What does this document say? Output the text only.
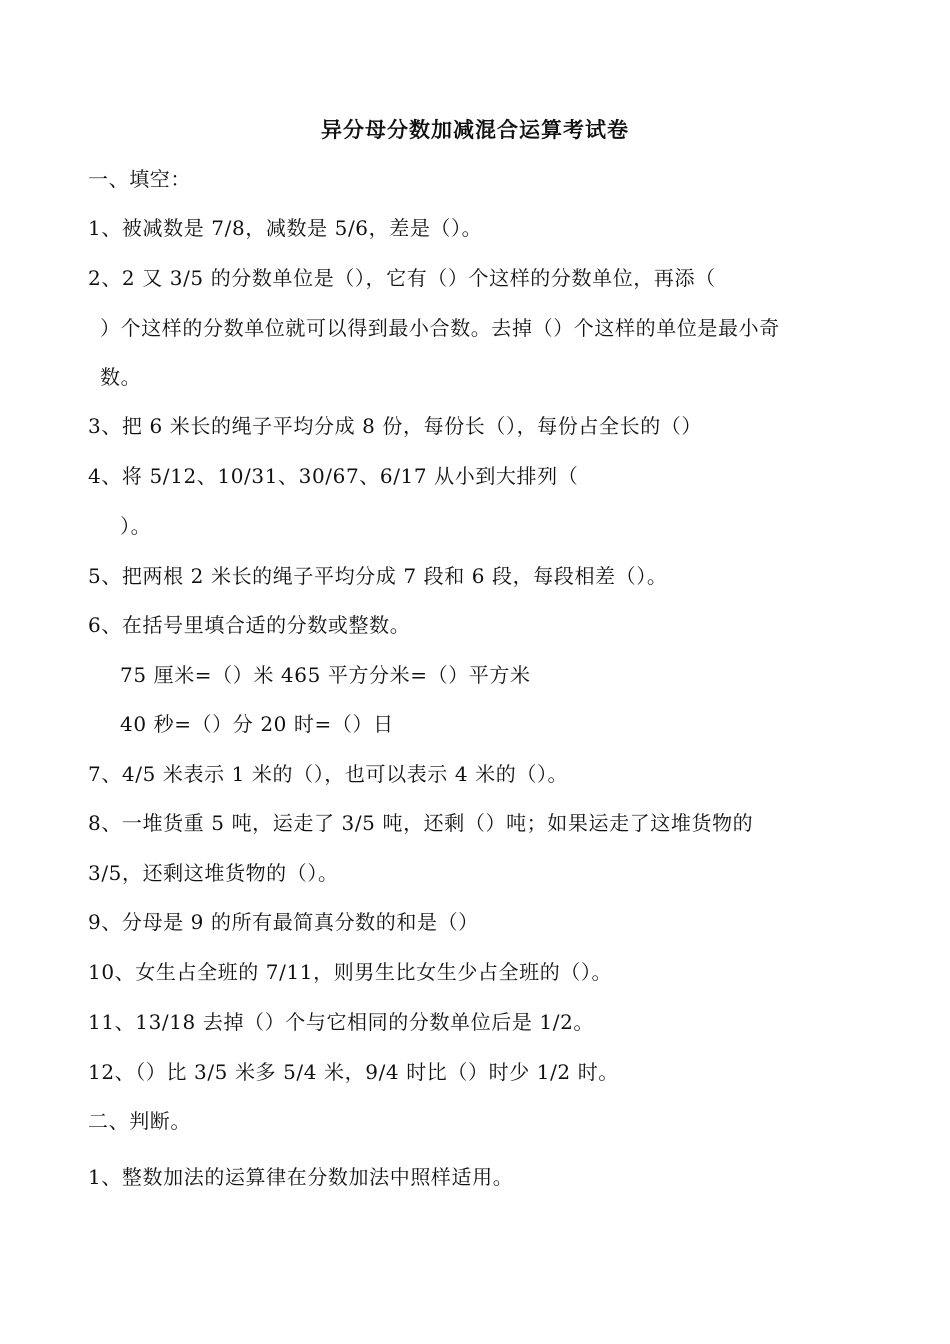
异分母分数加减混合运算考试卷
一、填空：
1、被减数是 7/8，减数是 5/6，差是（）。
2、2 又 3/5 的分数单位是（），它有（）个这样的分数单位，再添（
）个这样的分数单位就可以得到最小合数。去掉（）个这样的单位是最小奇
数。
3、把 6 米长的绳子平均分成 8 份，每份长（），每份占全长的（）
4、将 5/12、10/31、30/67、6/17 从小到大排列（
）。
5、把两根 2 米长的绳子平均分成 7 段和 6 段，每段相差（）。
6、在括号里填合适的分数或整数。
75 厘米=（）米 465 平方分米=（）平方米
40 秒=（）分 20 时=（）日
7、4/5 米表示 1 米的（），也可以表示 4 米的（）。
8、一堆货重 5 吨，运走了 3/5 吨，还剩（）吨；如果运走了这堆货物的
3/5，还剩这堆货物的（）。
9、分母是 9 的所有最简真分数的和是（）
10、女生占全班的 7/11，则男生比女生少占全班的（）。
11、13/18 去掉（）个与它相同的分数单位后是 1/2。
12、（）比 3/5 米多 5/4 米，9/4 时比（）时少 1/2 时。
二、判断。
1、整数加法的运算律在分数加法中照样适用。
